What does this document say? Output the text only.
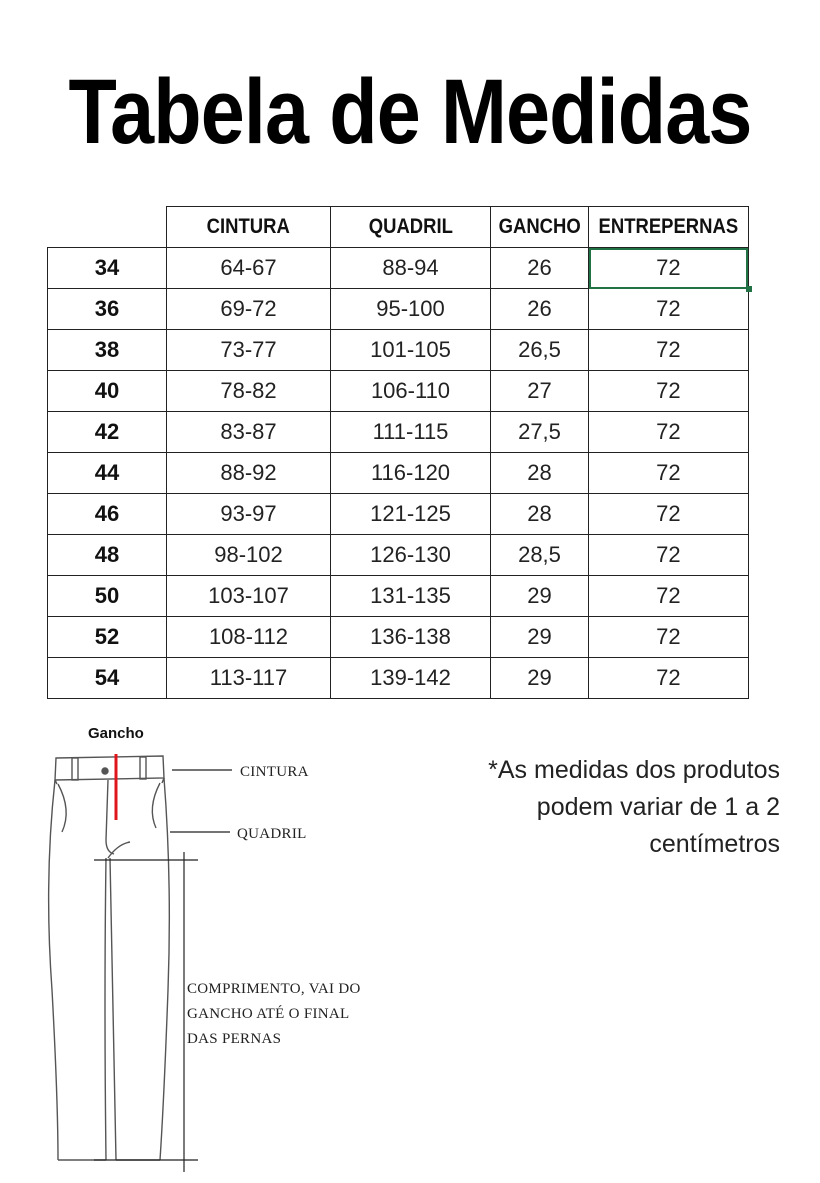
Tabela de Medidas
	CINTURA	QUADRIL	GANCHO	ENTREPERNAS
34	64-67	88-94	26	72

36	69-72	95-100	26	72
38	73-77	101-105	26,5	72
40	78-82	106-110	27	72
42	83-87	111-115	27,5	72
44	88-92	116-120	28	72
46	93-97	121-125	28	72
48	98-102	126-130	28,5	72
50	103-107	131-135	29	72
52	108-112	136-138	29	72
54	113-117	139-142	29	72
*As medidas dos produtos
podem variar de 1 a 2
centímetros
Gancho
CINTURA
QUADRIL
COMPRIMENTO, VAI DO
GANCHO ATÉ O FINAL
DAS PERNAS
